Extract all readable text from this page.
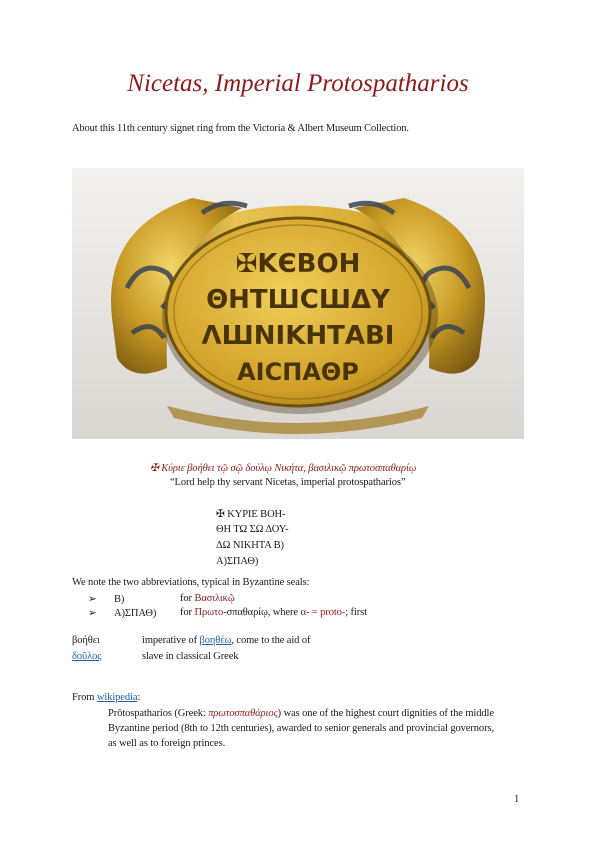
Nicetas, Imperial Protospatharios
About this 11th century signet ring from the Victoria & Albert Museum Collection.
✠ΚЄΒΟΗ
ΘΗΤШСШΔΥ
ΛШΝΙΚΗΤΑΒΙ
ΑΙСΠΑΘΡ
✠ Κύριε βοήθει τῷ σῷ δούλῳ Νικήτα, βασιλικῷ πρωτοσπαθαρίῳ
“Lord help thy servant Nicetas, imperial protospatharios”
✠ ΚΥΡΙΕ ΒΟΗ-
ΘΗ ΤΩ ΣΩ ΔΟΥ-
ΔΩ ΝΙΚΗΤΑ Β)
Α)ΣΠΑΘ)
We note the two abbreviations, typical in Byzantine seals:
➢ Β)	for Βασιλικῷ
➢ Α)ΣΠΑΘ) for Πρωτο-σπαθαρίῳ, where α- = proto-; first
βοήθει	imperative of βοηθέω, come to the aid of
δοῦλος	slave in classical Greek
From wikipedia:
Prōtospatharios (Greek: πρωτοσπαθάριος) was one of the highest court dignities of the middle
Byzantine period (8th to 12th centuries), awarded to senior generals and provincial governors,
as well as to foreign princes.
1
